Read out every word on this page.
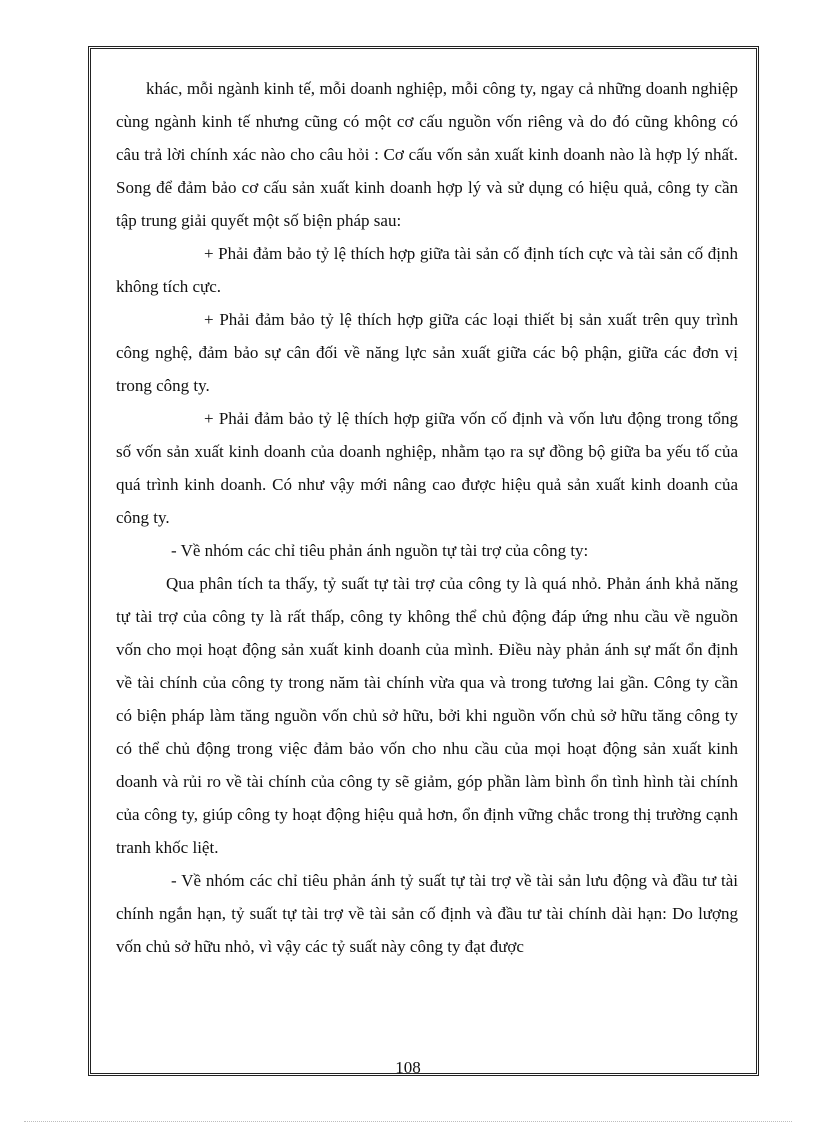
khác, mỗi ngành kinh tế, mỗi doanh nghiệp, mỗi công ty, ngay cả những doanh nghiệp cùng ngành kinh tế nhưng cũng có một cơ cấu nguồn vốn riêng và do đó cũng không có câu trả lời chính xác nào cho câu hỏi : Cơ cấu vốn sản xuất kinh doanh nào là hợp lý nhất. Song để đảm bảo cơ cấu sản xuất kinh doanh hợp lý và sử dụng có hiệu quả, công ty cần tập trung giải quyết một số biện pháp sau:

+ Phải đảm bảo tỷ lệ thích hợp giữa tài sản cố định tích cực và tài sản cố định không tích cực.

+ Phải đảm bảo tỷ lệ thích hợp giữa các loại thiết bị sản xuất trên quy trình công nghệ, đảm bảo sự cân đối về năng lực sản xuất giữa các bộ phận, giữa các đơn vị trong công ty.

+ Phải đảm bảo tỷ lệ thích hợp giữa vốn cố định và vốn lưu động trong tổng số vốn sản xuất kinh doanh của doanh nghiệp, nhằm tạo ra sự đồng bộ giữa ba yếu tố của quá trình kinh doanh. Có như vậy mới nâng cao được hiệu quả sản xuất kinh doanh của công ty.

- Về nhóm các chỉ tiêu phản ánh nguồn tự tài trợ của công ty:

Qua phân tích ta thấy, tỷ suất tự tài trợ của công ty là quá nhỏ. Phản ánh khả năng tự tài trợ của công ty là rất thấp, công ty không thể chủ động đáp ứng nhu cầu về nguồn vốn cho mọi hoạt động sản xuất kinh doanh của mình. Điều này phản ánh sự mất ổn định về tài chính của công ty trong năm tài chính vừa qua và trong tương lai gần. Công ty cần có biện pháp làm tăng nguồn vốn chủ sở hữu, bởi khi nguồn vốn chủ sở hữu tăng công ty có thể chủ động trong việc đảm bảo vốn cho nhu cầu của mọi hoạt động sản xuất kinh doanh và rủi ro về tài chính của công ty sẽ giảm, góp phần làm bình ổn tình hình tài chính của công ty, giúp công ty hoạt động hiệu quả hơn, ổn định vững chắc trong thị trường cạnh tranh khốc liệt.

- Về nhóm các chỉ tiêu phản ánh tỷ suất tự tài trợ về tài sản lưu động và đầu tư tài chính ngắn hạn, tỷ suất tự tài trợ về tài sản cố định và đầu tư tài chính dài hạn: Do lượng vốn chủ sở hữu nhỏ, vì vậy các tỷ suất này công ty đạt được

108
